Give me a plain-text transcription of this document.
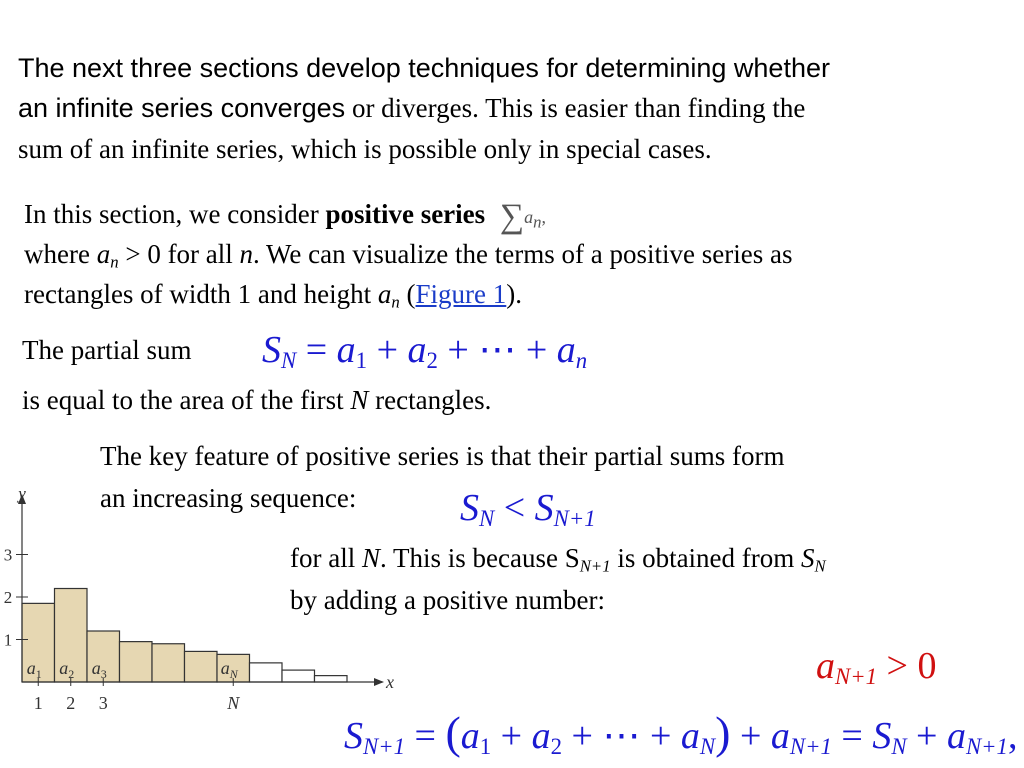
The next three sections develop techniques for determining whether
an infinite series converges or diverges. This is easier than finding the
sum of an infinite series, which is possible only in special cases.
In this section, we consider positive series $\sum a_n$,
where $a_n > 0$ for all n. We can visualize the terms of a positive series as
rectangles of width 1 and height $a_n$ (Figure 1).
The partial sum SN = a1 + a2 + ⋯ + an
is equal to the area of the first N rectangles.
The key feature of positive series is that their partial sums form
an increasing sequence:	SN < SN+1
for all N. This is because $S_{N+1}$ is obtained from $S_N$
by adding a positive number:
aN+1 > 0
SN+1 = (a1 + a2 + ⋯ + aN) + aN+1 = SN + aN+1,
y
x
1
2
3
1 2 3	N
$a_1$ $a_2$ $a_3$	$a_N$
